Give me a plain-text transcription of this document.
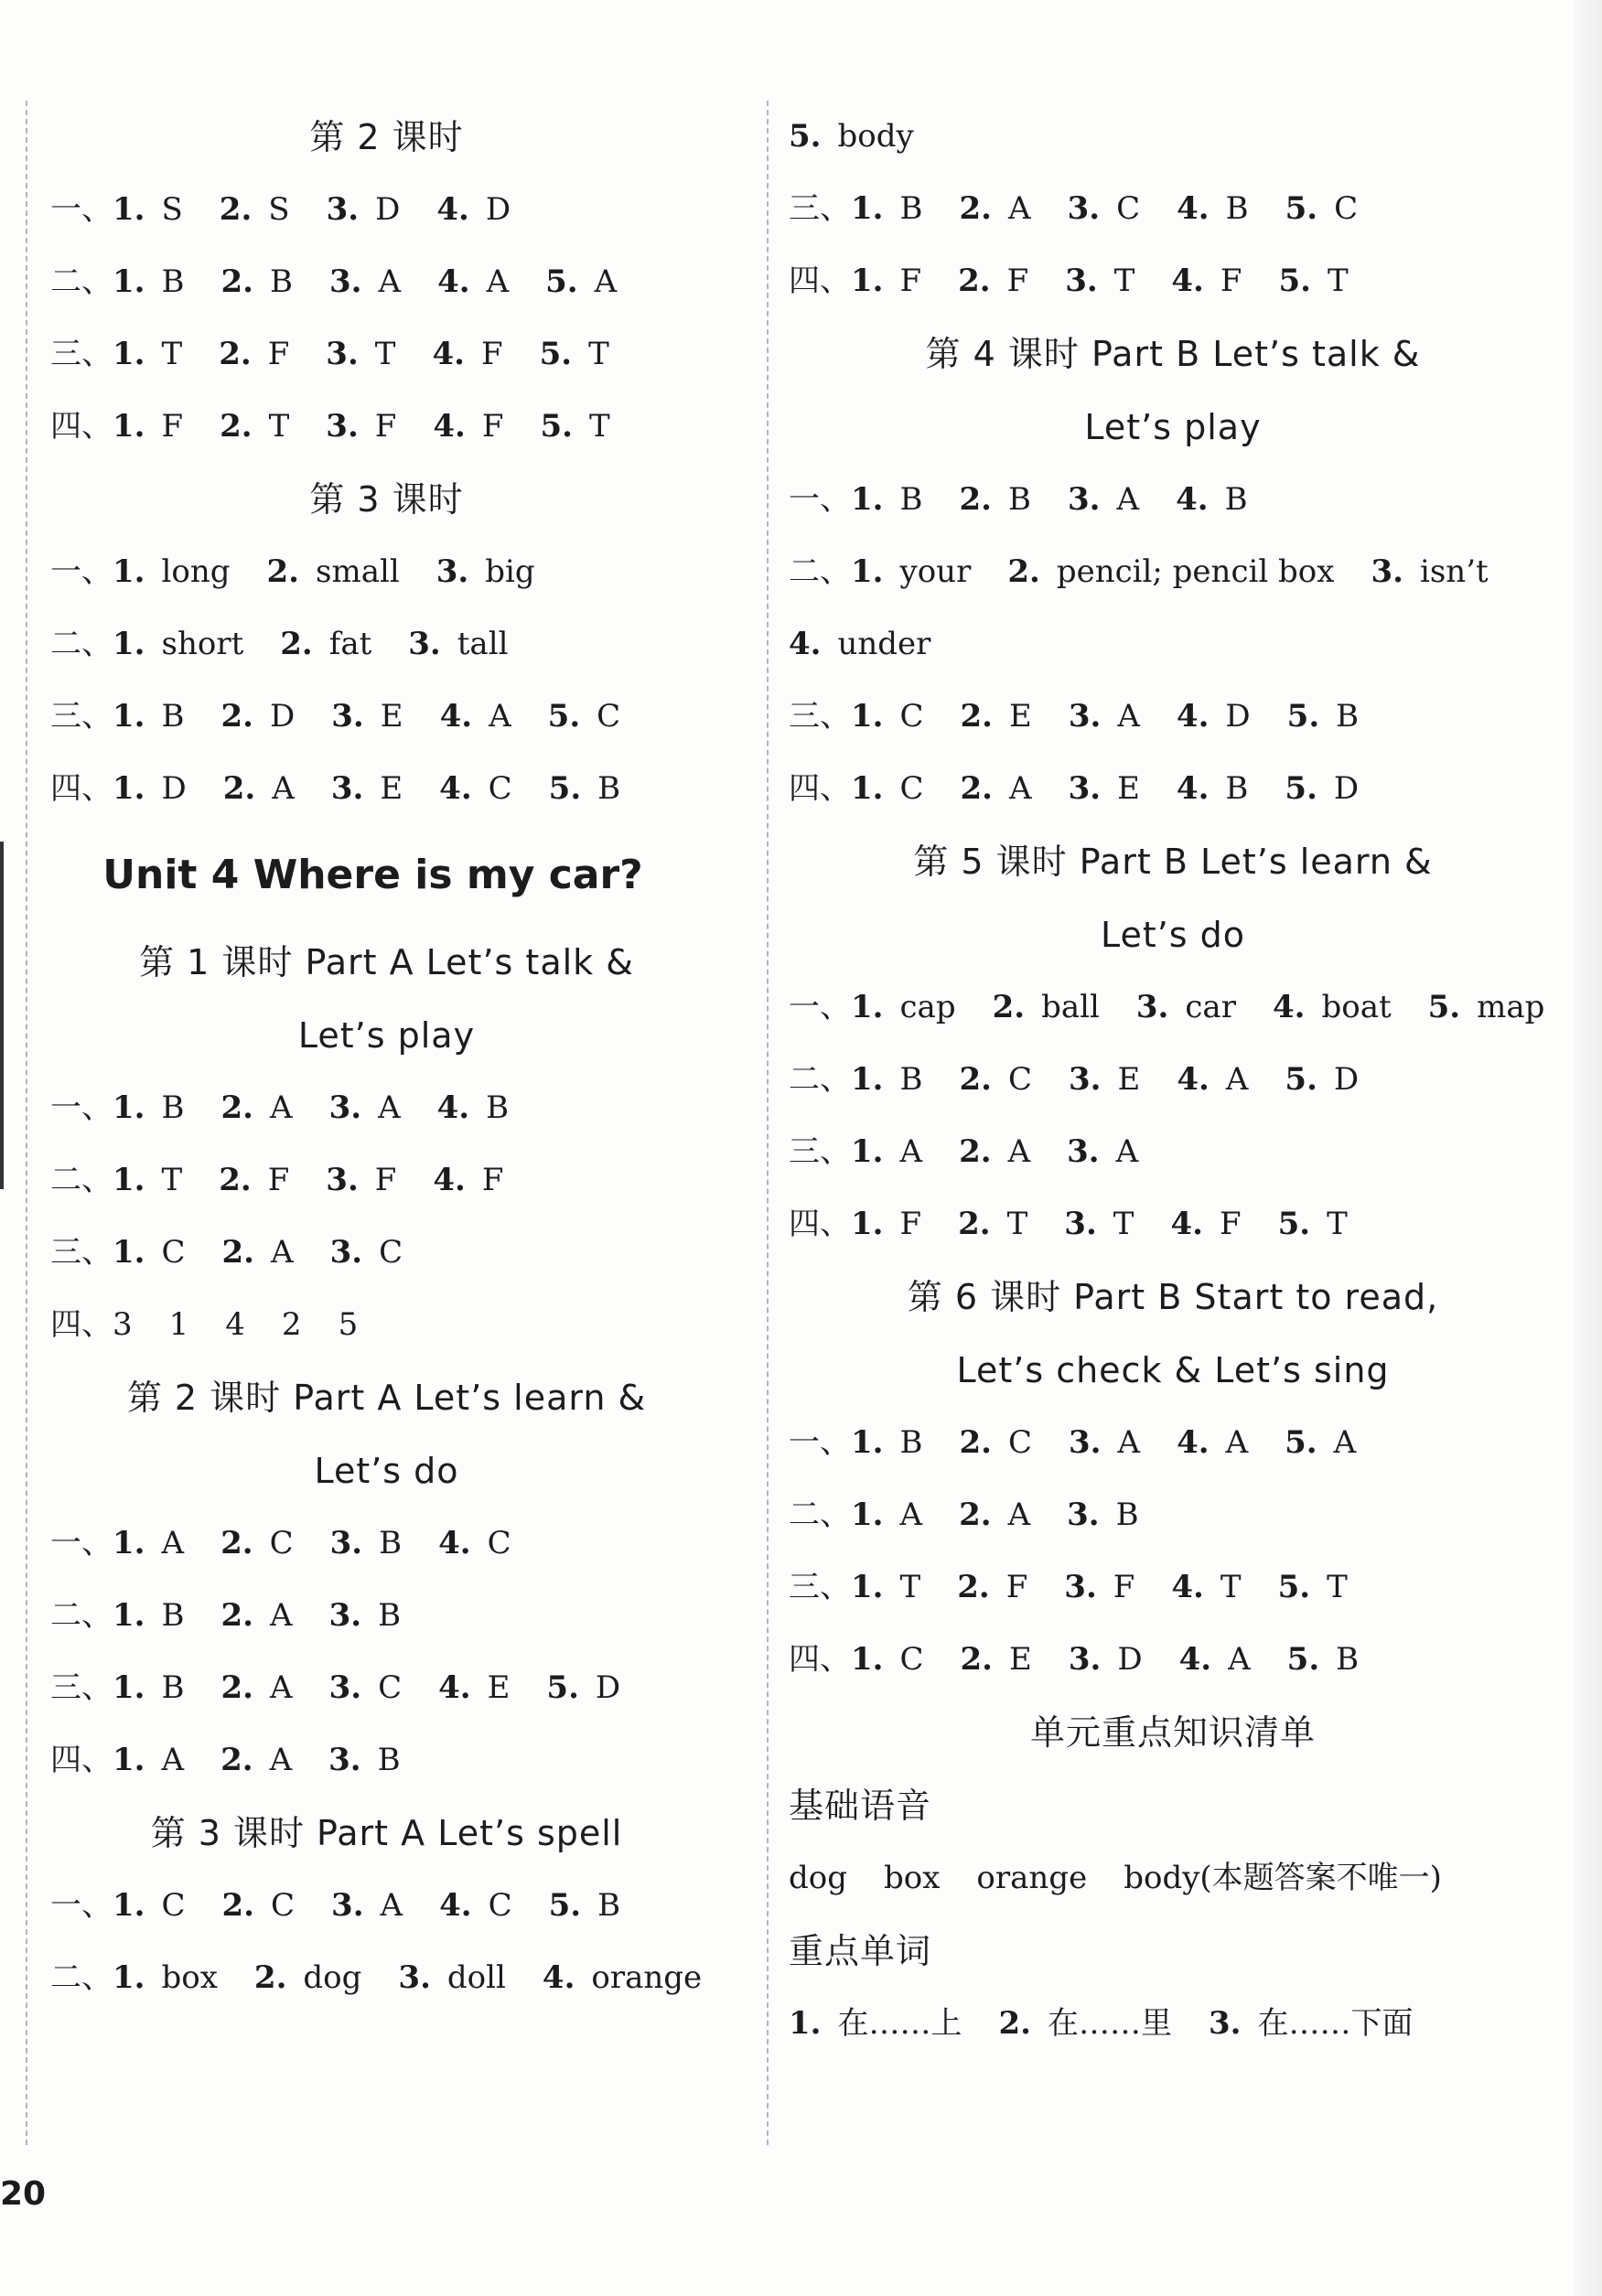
第 2 课时
一、1. S 2. S 3. D 4. D
二、1. B 2. B 3. A 4. A 5. A
三、1. T 2. F 3. T 4. F 5. T
四、1. F 2. T 3. F 4. F 5. T
第 3 课时
一、1. long 2. small 3. big
二、1. short 2. fat 3. tall
三、1. B 2. D 3. E 4. A 5. C
四、1. D 2. A 3. E 4. C 5. B
Unit 4 Where is my car?
第 1 课时 Part A Let’s talk &
Let’s play
一、1. B 2. A 3. A 4. B
二、1. T 2. F 3. F 4. F
三、1. C 2. A 3. C
四、3 1 4 2 5
第 2 课时 Part A Let’s learn &
Let’s do
一、1. A 2. C 3. B 4. C
二、1. B 2. A 3. B
三、1. B 2. A 3. C 4. E 5. D
四、1. A 2. A 3. B
第 3 课时 Part A Let’s spell
一、1. C 2. C 3. A 4. C 5. B
二、1. box 2. dog 3. doll 4. orange
5. body
三、1. B 2. A 3. C 4. B 5. C
四、1. F 2. F 3. T 4. F 5. T
第 4 课时 Part B Let’s talk &
Let’s play
一、1. B 2. B 3. A 4. B
二、1. your 2. pencil; pencil box 3. isn’t
4. under
三、1. C 2. E 3. A 4. D 5. B
四、1. C 2. A 3. E 4. B 5. D
第 5 课时 Part B Let’s learn &
Let’s do
一、1. cap 2. ball 3. car 4. boat 5. map
二、1. B 2. C 3. E 4. A 5. D
三、1. A 2. A 3. A
四、1. F 2. T 3. T 4. F 5. T
第 6 课时 Part B Start to read,
Let’s check & Let’s sing
一、1. B 2. C 3. A 4. A 5. A
二、1. A 2. A 3. B
三、1. T 2. F 3. F 4. T 5. T
四、1. C 2. E 3. D 4. A 5. B
单元重点知识清单
基础语音
dog box orange body(本题答案不唯一)
重点单词
1. 在……上 2. 在……里 3. 在……下面
20
